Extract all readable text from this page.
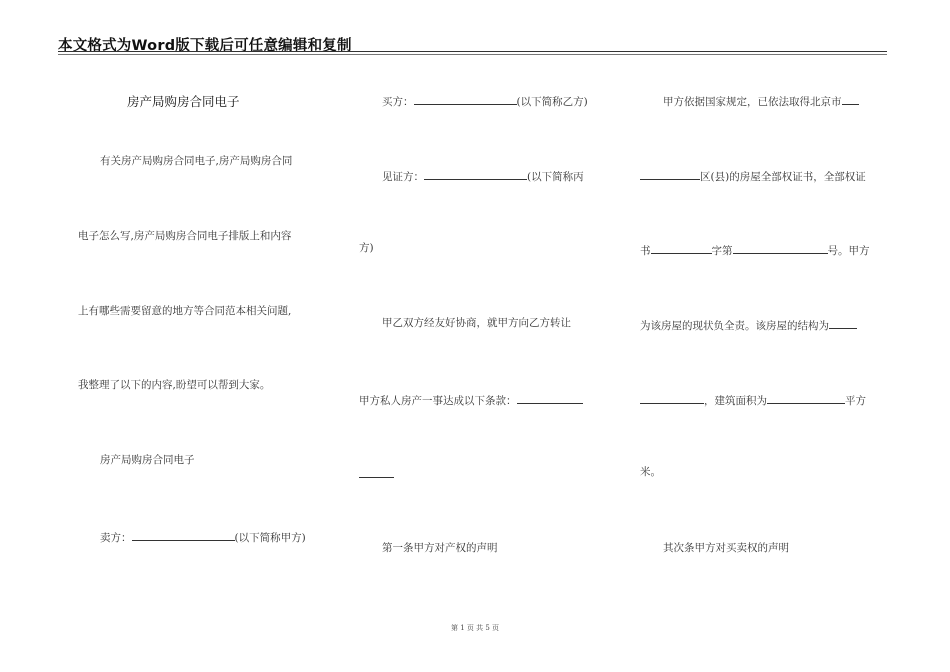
本文格式为Word版下载后可任意编辑和复制
房产局购房合同电子
有关房产局购房合同电子,房产局购房合同
电子怎么写,房产局购房合同电子排版上和内容
上有哪些需要留意的地方等合同范本相关问题,
我整理了以下的内容,盼望可以帮到大家。
房产局购房合同电子
卖方：	(以下简称甲方)
买方：	(以下简称乙方)
见证方：	(以下简称丙
方)
甲乙双方经友好协商，就甲方向乙方转让
甲方私人房产一事达成以下条款：
第一条甲方对产权的声明
甲方依据国家规定，已依法取得北京市
区(县)的房屋全部权证书，全部权证
书	字第	号。甲方
为该房屋的现状负全责。该房屋的结构为
，建筑面积为	平方
米。
其次条甲方对买卖权的声明
第 1 页 共 5 页
